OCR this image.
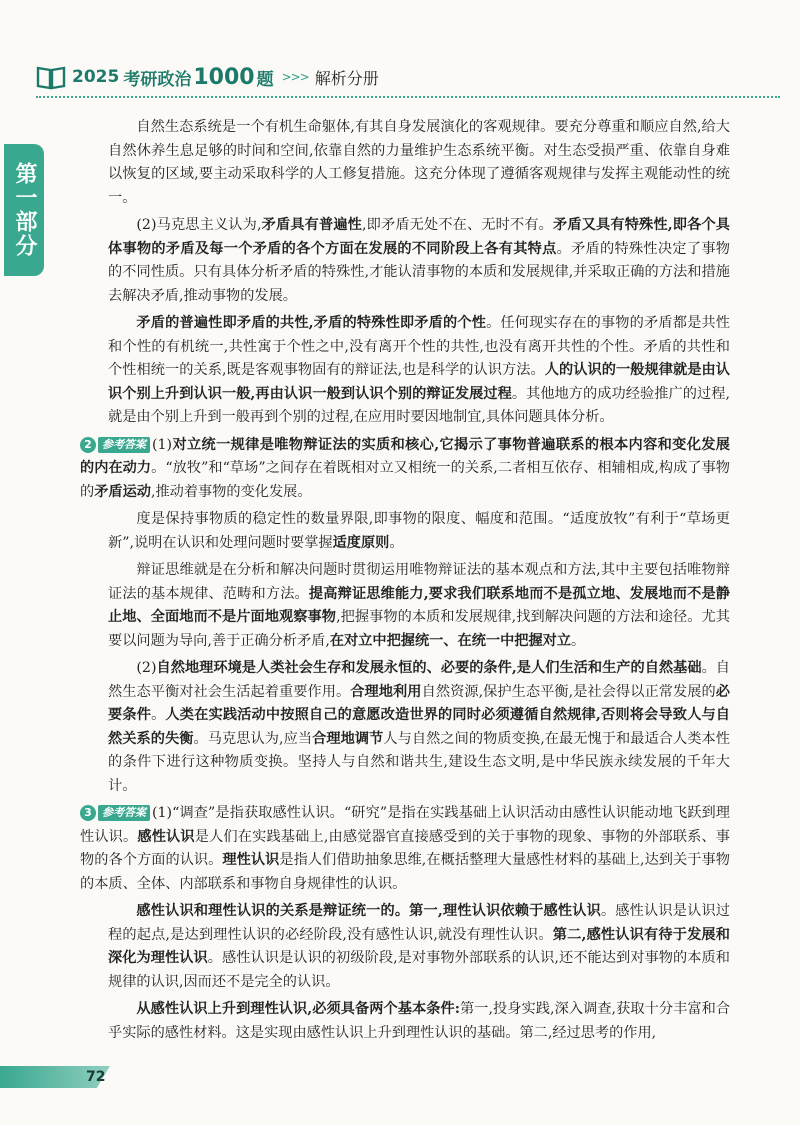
2025 考研政治 1000 题 >>> 解析分册
第一部分

自然生态系统是一个有机生命躯体,有其自身发展演化的客观规律。要充分尊重和顺应自然,给大自然休养生息足够的时间和空间,依靠自然的力量维护生态系统平衡。对生态受损严重、依靠自身难以恢复的区域,要主动采取科学的人工修复措施。这充分体现了遵循客观规律与发挥主观能动性的统一。

(2)马克思主义认为,矛盾具有普遍性,即矛盾无处不在、无时不有。矛盾又具有特殊性,即各个具体事物的矛盾及每一个矛盾的各个方面在发展的不同阶段上各有其特点。矛盾的特殊性决定了事物的不同性质。只有具体分析矛盾的特殊性,才能认清事物的本质和发展规律,并采取正确的方法和措施去解决矛盾,推动事物的发展。

矛盾的普遍性即矛盾的共性,矛盾的特殊性即矛盾的个性。任何现实存在的事物的矛盾都是共性和个性的有机统一,共性寓于个性之中,没有离开个性的共性,也没有离开共性的个性。矛盾的共性和个性相统一的关系,既是客观事物固有的辩证法,也是科学的认识方法。人的认识的一般规律就是由认识个别上升到认识一般,再由认识一般到认识个别的辩证发展过程。其他地方的成功经验推广的过程,就是由个别上升到一般再到个别的过程,在应用时要因地制宜,具体问题具体分析。

2 参考答案 (1)对立统一规律是唯物辩证法的实质和核心,它揭示了事物普遍联系的根本内容和变化发展的内在动力。“放牧”和“草场”之间存在着既相对立又相统一的关系,二者相互依存、相辅相成,构成了事物的矛盾运动,推动着事物的变化发展。

度是保持事物质的稳定性的数量界限,即事物的限度、幅度和范围。“适度放牧”有利于“草场更新”,说明在认识和处理问题时要掌握适度原则。

辩证思维就是在分析和解决问题时贯彻运用唯物辩证法的基本观点和方法,其中主要包括唯物辩证法的基本规律、范畴和方法。提高辩证思维能力,要求我们联系地而不是孤立地、发展地而不是静止地、全面地而不是片面地观察事物,把握事物的本质和发展规律,找到解决问题的方法和途径。尤其要以问题为导向,善于正确分析矛盾,在对立中把握统一、在统一中把握对立。

(2)自然地理环境是人类社会生存和发展永恒的、必要的条件,是人们生活和生产的自然基础。自然生态平衡对社会生活起着重要作用。合理地利用自然资源,保护生态平衡,是社会得以正常发展的必要条件。人类在实践活动中按照自己的意愿改造世界的同时必须遵循自然规律,否则将会导致人与自然关系的失衡。马克思认为,应当合理地调节人与自然之间的物质变换,在最无愧于和最适合人类本性的条件下进行这种物质变换。坚持人与自然和谐共生,建设生态文明,是中华民族永续发展的千年大计。

3 参考答案 (1)“调查”是指获取感性认识。“研究”是指在实践基础上认识活动由感性认识能动地飞跃到理性认识。感性认识是人们在实践基础上,由感觉器官直接感受到的关于事物的现象、事物的外部联系、事物的各个方面的认识。理性认识是指人们借助抽象思维,在概括整理大量感性材料的基础上,达到关于事物的本质、全体、内部联系和事物自身规律性的认识。

感性认识和理性认识的关系是辩证统一的。第一,理性认识依赖于感性认识。感性认识是认识过程的起点,是达到理性认识的必经阶段,没有感性认识,就没有理性认识。第二,感性认识有待于发展和深化为理性认识。感性认识是认识的初级阶段,是对事物外部联系的认识,还不能达到对事物的本质和规律的认识,因而还不是完全的认识。

从感性认识上升到理性认识,必须具备两个基本条件:第一,投身实践,深入调查,获取十分丰富和合乎实际的感性材料。这是实现由感性认识上升到理性认识的基础。第二,经过思考的作用,

72
